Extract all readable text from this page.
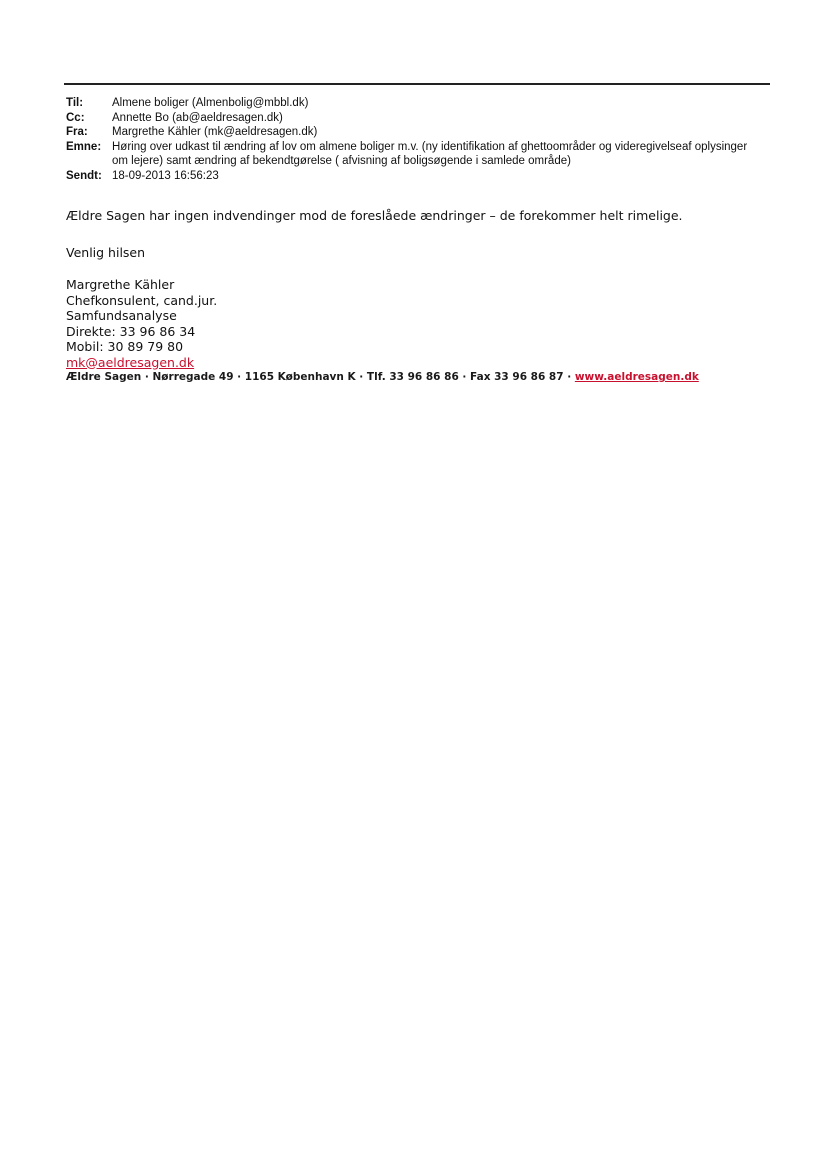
Til:	Almene boliger (Almenbolig@mbbl.dk)
Cc:	Annette Bo (ab@aeldresagen.dk)
Fra:	Margrethe Kähler (mk@aeldresagen.dk)
Emne: Høring over udkast til ændring af lov om almene boliger m.v. (ny identifikation af ghettoområder og videregivelseaf oplysinger om lejere) samt ændring af bekendtgørelse ( afvisning af boligsøgende i samlede område)
Sendt: 18-09-2013 16:56:23
Ældre Sagen har ingen indvendinger mod de foreslåede ændringer – de forekommer helt rimelige.
Venlig hilsen
Margrethe Kähler
Chefkonsulent, cand.jur.
Samfundsanalyse
Direkte: 33 96 86 34
Mobil: 30 89 79 80
mk@aeldresagen.dk
Ældre Sagen · Nørregade 49 · 1165 København K · Tlf. 33 96 86 86 · Fax 33 96 86 87 · www.aeldresagen.dk
